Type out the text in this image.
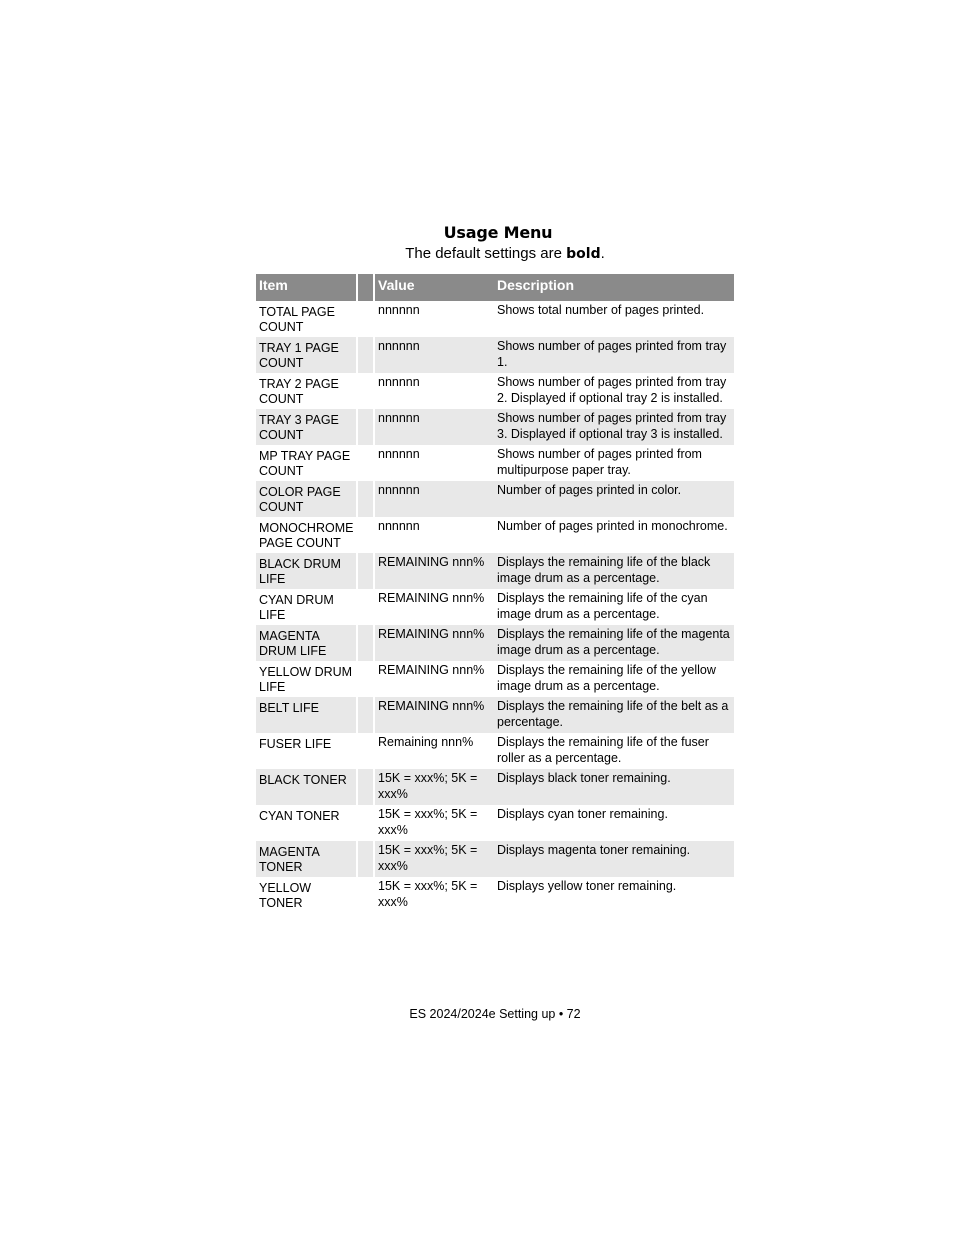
Usage Menu
The default settings are bold.
Item		Value	Description
TOTAL PAGE COUNT		nnnnnn	Shows total number of pages printed.
TRAY 1 PAGE COUNT		nnnnnn	Shows number of pages printed from tray 1.
TRAY 2 PAGE COUNT		nnnnnn	Shows number of pages printed from tray 2. Displayed if optional tray 2 is installed.
TRAY 3 PAGE COUNT		nnnnnn	Shows number of pages printed from tray 3. Displayed if optional tray 3 is installed.
MP TRAY PAGE COUNT		nnnnnn	Shows number of pages printed from multipurpose paper tray.
COLOR PAGE COUNT		nnnnnn	Number of pages printed in color.
MONOCHROME PAGE COUNT		nnnnnn	Number of pages printed in monochrome.
BLACK DRUM LIFE		REMAINING nnn%	Displays the remaining life of the black image drum as a percentage.
CYAN DRUM LIFE		REMAINING nnn%	Displays the remaining life of the cyan image drum as a percentage.
MAGENTA DRUM LIFE		REMAINING nnn%	Displays the remaining life of the magenta image drum as a percentage.
YELLOW DRUM LIFE		REMAINING nnn%	Displays the remaining life of the yellow image drum as a percentage.
BELT LIFE		REMAINING nnn%	Displays the remaining life of the belt as a percentage.
FUSER LIFE		Remaining nnn%	Displays the remaining life of the fuser roller as a percentage.
BLACK TONER		15K = xxx%; 5K = xxx%	Displays black toner remaining.
CYAN TONER		15K = xxx%; 5K = xxx%	Displays cyan toner remaining.
MAGENTA TONER		15K = xxx%; 5K = xxx%	Displays magenta toner remaining.
YELLOW TONER		15K = xxx%; 5K = xxx%	Displays yellow toner remaining.
ES 2024/2024e Setting up • 72
